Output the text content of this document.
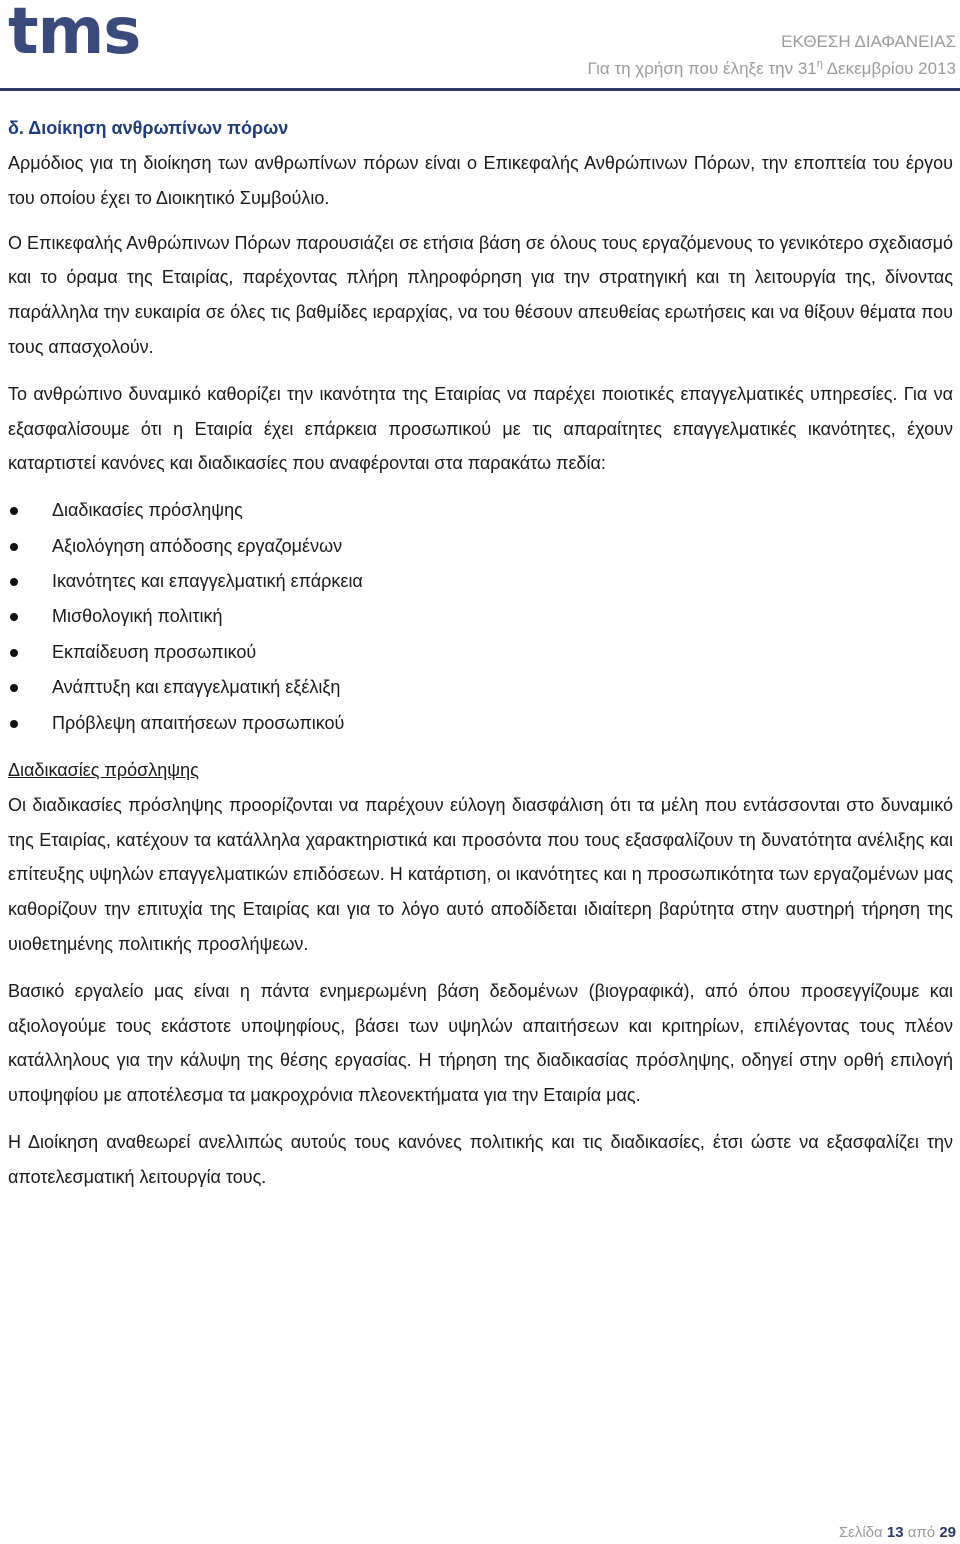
tms	ΕΚΘΕΣΗ ΔΙΑΦΑΝΕΙΑΣ
Για τη χρήση που έληξε την $31^\eta$ Δεκεμβρίου 2013
δ. Διοίκηση ανθρωπίνων πόρων

Αρμόδιος για τη διοίκηση των ανθρωπίνων πόρων είναι ο Επικεφαλής Ανθρώπινων Πόρων, την εποπτεία του έργου του οποίου έχει το Διοικητικό Συμβούλιο.

Ο Επικεφαλής Ανθρώπινων Πόρων παρουσιάζει σε ετήσια βάση σε όλους τους εργαζόμενους το γενικότερο σχεδιασμό και το όραμα της Εταιρίας, παρέχοντας πλήρη πληροφόρηση για την στρατηγική και τη λειτουργία της, δίνοντας παράλληλα την ευκαιρία σε όλες τις βαθμίδες ιεραρχίας, να του θέσουν απευθείας ερωτήσεις και να θίξουν θέματα που τους απασχολούν.

Το ανθρώπινο δυναμικό καθορίζει την ικανότητα της Εταιρίας να παρέχει ποιοτικές επαγγελματικές υπηρεσίες. Για να εξασφαλίσουμε ότι η Εταιρία έχει επάρκεια προσωπικού με τις απαραίτητες επαγγελματικές ικανότητες, έχουν καταρτιστεί κανόνες και διαδικασίες που αναφέρονται στα παρακάτω πεδία:

Διαδικασίες πρόσληψης
Αξιολόγηση απόδοσης εργαζομένων
Ικανότητες και επαγγελματική επάρκεια
Μισθολογική πολιτική
Εκπαίδευση προσωπικού
Ανάπτυξη και επαγγελματική εξέλιξη
Πρόβλεψη απαιτήσεων προσωπικού
Διαδικασίες πρόσληψης

Οι διαδικασίες πρόσληψης προορίζονται να παρέχουν εύλογη διασφάλιση ότι τα μέλη που εντάσσονται στο δυναμικό της Εταιρίας, κατέχουν τα κατάλληλα χαρακτηριστικά και προσόντα που τους εξασφαλίζουν τη δυνατότητα ανέλιξης και επίτευξης υψηλών επαγγελματικών επιδόσεων. Η κατάρτιση, οι ικανότητες και η προσωπικότητα των εργαζομένων μας καθορίζουν την επιτυχία της Εταιρίας και για το λόγο αυτό αποδίδεται ιδιαίτερη βαρύτητα στην αυστηρή τήρηση της υιοθετημένης πολιτικής προσλήψεων.

Βασικό εργαλείο μας είναι η πάντα ενημερωμένη βάση δεδομένων (βιογραφικά), από όπου προσεγγίζουμε και αξιολογούμε τους εκάστοτε υποψηφίους, βάσει των υψηλών απαιτήσεων και κριτηρίων, επιλέγοντας τους πλέον κατάλληλους για την κάλυψη της θέσης εργασίας. Η τήρηση της διαδικασίας πρόσληψης, οδηγεί στην ορθή επιλογή υποψηφίου με αποτέλεσμα τα μακροχρόνια πλεονεκτήματα για την Εταιρία μας.

Η Διοίκηση αναθεωρεί ανελλιπώς αυτούς τους κανόνες πολιτικής και τις διαδικασίες, έτσι ώστε να εξασφαλίζει την αποτελεσματική λειτουργία τους.

Σελίδα 13 από 29
